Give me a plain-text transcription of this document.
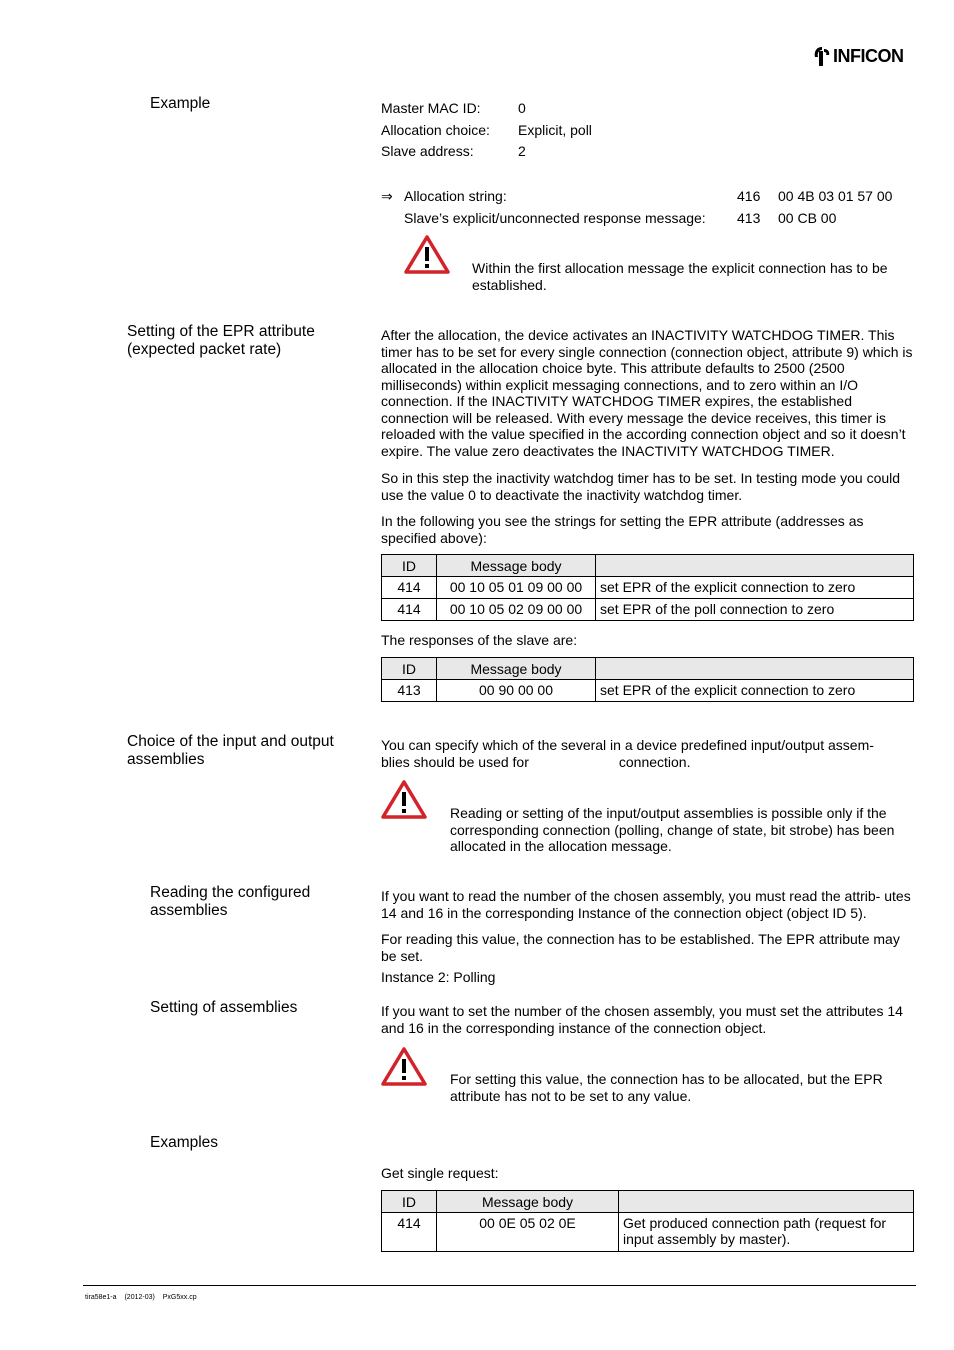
INFICON
Example	Master MAC ID:	0
Allocation choice:	Explicit, poll
Slave address:	2
⇒ Allocation string:	416	00 4B 03 01 57 00
Slave’s explicit/unconnected response message:	413	00 CB 00
Within the first allocation message the explicit connection has to be established.
Setting of the EPR attribute (expected packet rate)
After the allocation, the device activates an INACTIVITY WATCHDOG TIMER. This timer has to be set for every single connection (connection object, attribute 9) which is allocated in the allocation choice byte. This attribute defaults to 2500 (2500 milliseconds) within explicit messaging connections, and to zero within an I/O connection. If the INACTIVITY WATCHDOG TIMER expires, the established connection will be released. With every message the device receives, this timer is reloaded with the value specified in the according connection object and so it doesn’t expire. The value zero deactivates the INACTIVITY WATCHDOG TIMER.
So in this step the inactivity watchdog timer has to be set. In testing mode you could use the value 0 to deactivate the inactivity watchdog timer.
In the following you see the strings for setting the EPR attribute (addresses as specified above):
ID	Message body	
414	00 10 05 01 09 00 00	set EPR of the explicit connection to zero
414	00 10 05 02 09 00 00	set EPR of the poll connection to zero
The responses of the slave are:
ID	Message body	
413	00 90 00 00	set EPR of the explicit connection to zero
Choice of the input and output assemblies
You can specify which of the several in a device predefined input/output assem-
blies should be used for	connection.
Reading or setting of the input/output assemblies is possible only if the corresponding connection (polling, change of state, bit strobe) has been allocated in the allocation message.
Reading the configured assemblies
If you want to read the number of the chosen assembly, you must read the attrib- utes 14 and 16 in the corresponding Instance of the connection object (object ID 5).
For reading this value, the connection has to be established. The EPR attribute may be set.
Instance 2: Polling
Setting of assemblies	If you want to set the number of the chosen assembly, you must set the attributes 14 and 16 in the corresponding instance of the connection object.
For setting this value, the connection has to be allocated, but the EPR attribute has not to be set to any value.
Examples
Get single request:
ID	Message body	
414	00 0E 05 02 0E	Get produced connection path (request for input assembly by master).
tira58e1-a (2012-03) PxG5xx.cp
